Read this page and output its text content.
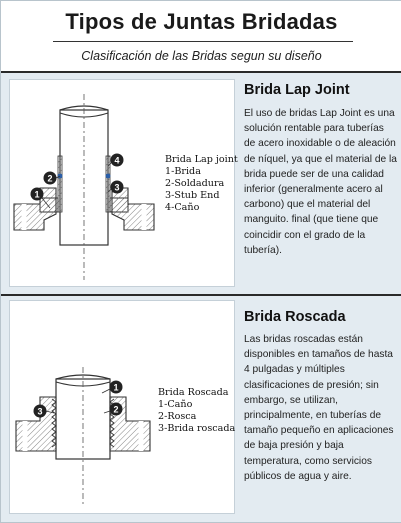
Tipos de Juntas Bridadas
Clasificación de las Bridas segun su diseño
1
2
3
4	Brida Lap joint
1-Brida
2-Soldadura
3-Stub End
4-Caño
Brida Lap Joint
El uso de bridas Lap Joint es una solución rentable para tuberías de acero inoxidable o de aleación de níquel, ya que el material de la brida puede ser de una calidad inferior (generalmente acero al carbono) que el material del manguito. final (que tiene que coincidir con el grado de la tubería).
1
2
3
Brida Roscada
1-Caño
2-Rosca
3-Brida roscada
Brida Roscada
Las bridas roscadas están disponibles en tamaños de hasta 4 pulgadas y múltiples clasificaciones de presión; sin embargo, se utilizan, principalmente, en tuberías de tamaño pequeño en aplicaciones de baja presión y baja temperatura, como servicios públicos de agua y aire.
